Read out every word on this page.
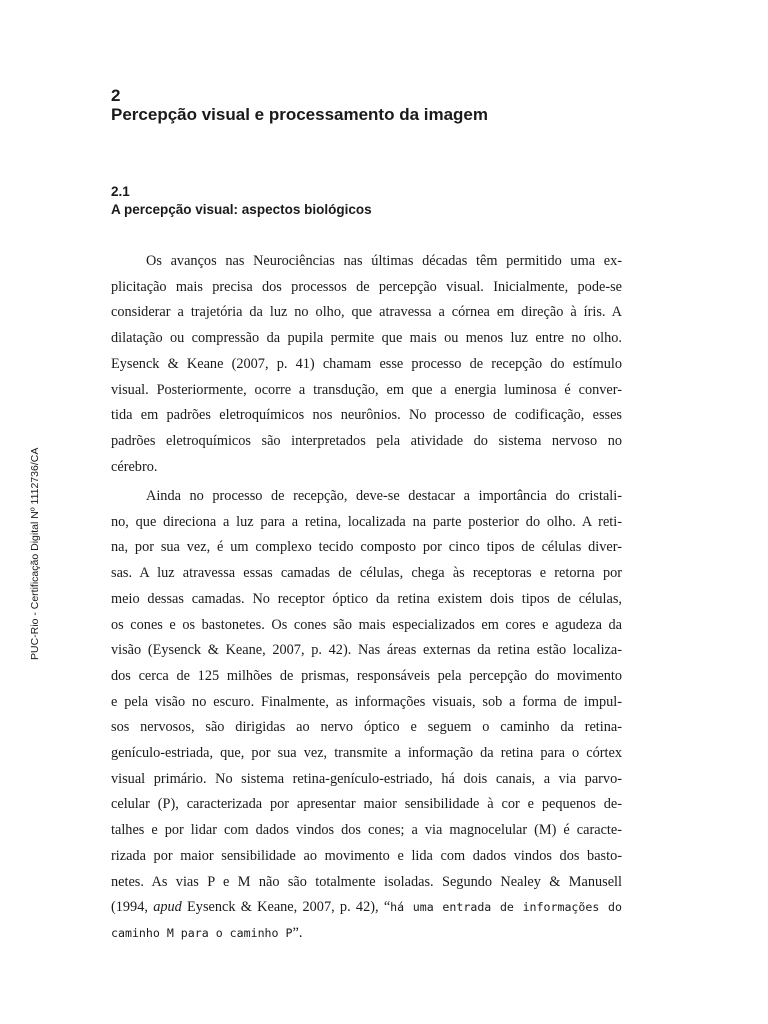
2
Percepção visual e processamento da imagem
2.1
A percepção visual: aspectos biológicos
Os avanços nas Neurociências nas últimas décadas têm permitido uma ex-
plicitação mais precisa dos processos de percepção visual. Inicialmente, pode-se
considerar a trajetória da luz no olho, que atravessa a córnea em direção à íris. A
dilatação ou compressão da pupila permite que mais ou menos luz entre no olho.
Eysenck & Keane (2007, p. 41) chamam esse processo de recepção do estímulo
visual. Posteriormente, ocorre a transdução, em que a energia luminosa é conver-
tida em padrões eletroquímicos nos neurônios. No processo de codificação, esses
padrões eletroquímicos são interpretados pela atividade do sistema nervoso no
cérebro.
Ainda no processo de recepção, deve-se destacar a importância do cristali-
no, que direciona a luz para a retina, localizada na parte posterior do olho. A reti-
na, por sua vez, é um complexo tecido composto por cinco tipos de células diver-
sas. A luz atravessa essas camadas de células, chega às receptoras e retorna por
meio dessas camadas. No receptor óptico da retina existem dois tipos de células,
os cones e os bastonetes. Os cones são mais especializados em cores e agudeza da
visão (Eysenck & Keane, 2007, p. 42). Nas áreas externas da retina estão localiza-
dos cerca de 125 milhões de prismas, responsáveis pela percepção do movimento
e pela visão no escuro. Finalmente, as informações visuais, sob a forma de impul-
sos nervosos, são dirigidas ao nervo óptico e seguem o caminho da retina-
genículo-estriada, que, por sua vez, transmite a informação da retina para o córtex
visual primário. No sistema retina-genículo-estriado, há dois canais, a via parvo-
celular (P), caracterizada por apresentar maior sensibilidade à cor e pequenos de-
talhes e por lidar com dados vindos dos cones; a via magnocelular (M) é caracte-
rizada por maior sensibilidade ao movimento e lida com dados vindos dos basto-
netes. As vias P e M não são totalmente isoladas. Segundo Nealey & Manusell
(1994, apud Eysenck & Keane, 2007, p. 42), “há uma entrada de informações do
caminho M para o caminho P”.
PUC-Rio - Certificação Digital Nº 1112736/CA
